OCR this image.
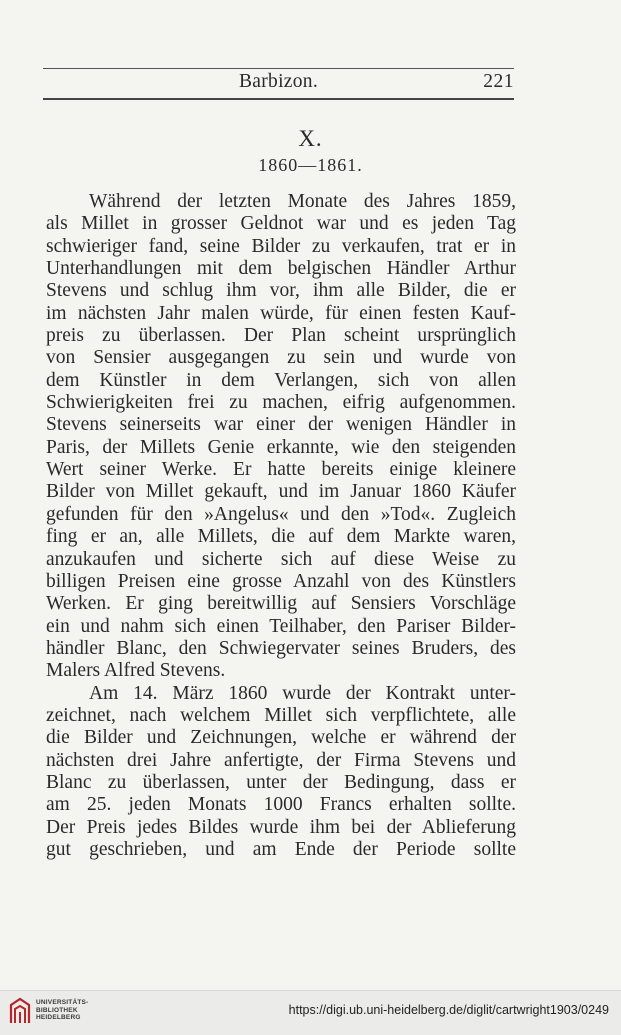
Barbizon.	221
X.
1860—1861.
Während der letzten Monate des Jahres 1859,
als Millet in grosser Geldnot war und es jeden Tag
schwieriger fand, seine Bilder zu verkaufen, trat er in
Unterhandlungen mit dem belgischen Händler Arthur
Stevens und schlug ihm vor, ihm alle Bilder, die er
im nächsten Jahr malen würde, für einen festen Kauf-
preis zu überlassen. Der Plan scheint ursprünglich
von Sensier ausgegangen zu sein und wurde von
dem Künstler in dem Verlangen, sich von allen
Schwierigkeiten frei zu machen, eifrig aufgenommen.
Stevens seinerseits war einer der wenigen Händler in
Paris, der Millets Genie erkannte, wie den steigenden
Wert seiner Werke. Er hatte bereits einige kleinere
Bilder von Millet gekauft, und im Januar 1860 Käufer
gefunden für den »Angelus« und den »Tod«. Zugleich
fing er an, alle Millets, die auf dem Markte waren,
anzukaufen und sicherte sich auf diese Weise zu
billigen Preisen eine grosse Anzahl von des Künstlers
Werken. Er ging bereitwillig auf Sensiers Vorschläge
ein und nahm sich einen Teilhaber, den Pariser Bilder-
händler Blanc, den Schwiegervater seines Bruders, des
Malers Alfred Stevens.
Am 14. März 1860 wurde der Kontrakt unter-
zeichnet, nach welchem Millet sich verpflichtete, alle
die Bilder und Zeichnungen, welche er während der
nächsten drei Jahre anfertigte, der Firma Stevens und
Blanc zu überlassen, unter der Bedingung, dass er
am 25. jeden Monats 1000 Francs erhalten sollte.
Der Preis jedes Bildes wurde ihm bei der Ablieferung
gut geschrieben, und am Ende der Periode sollte
UNIVERSITÄTS-
BIBLIOTHEK
HEIDELBERG
https://digi.ub.uni-heidelberg.de/diglit/cartwright1903/0249
